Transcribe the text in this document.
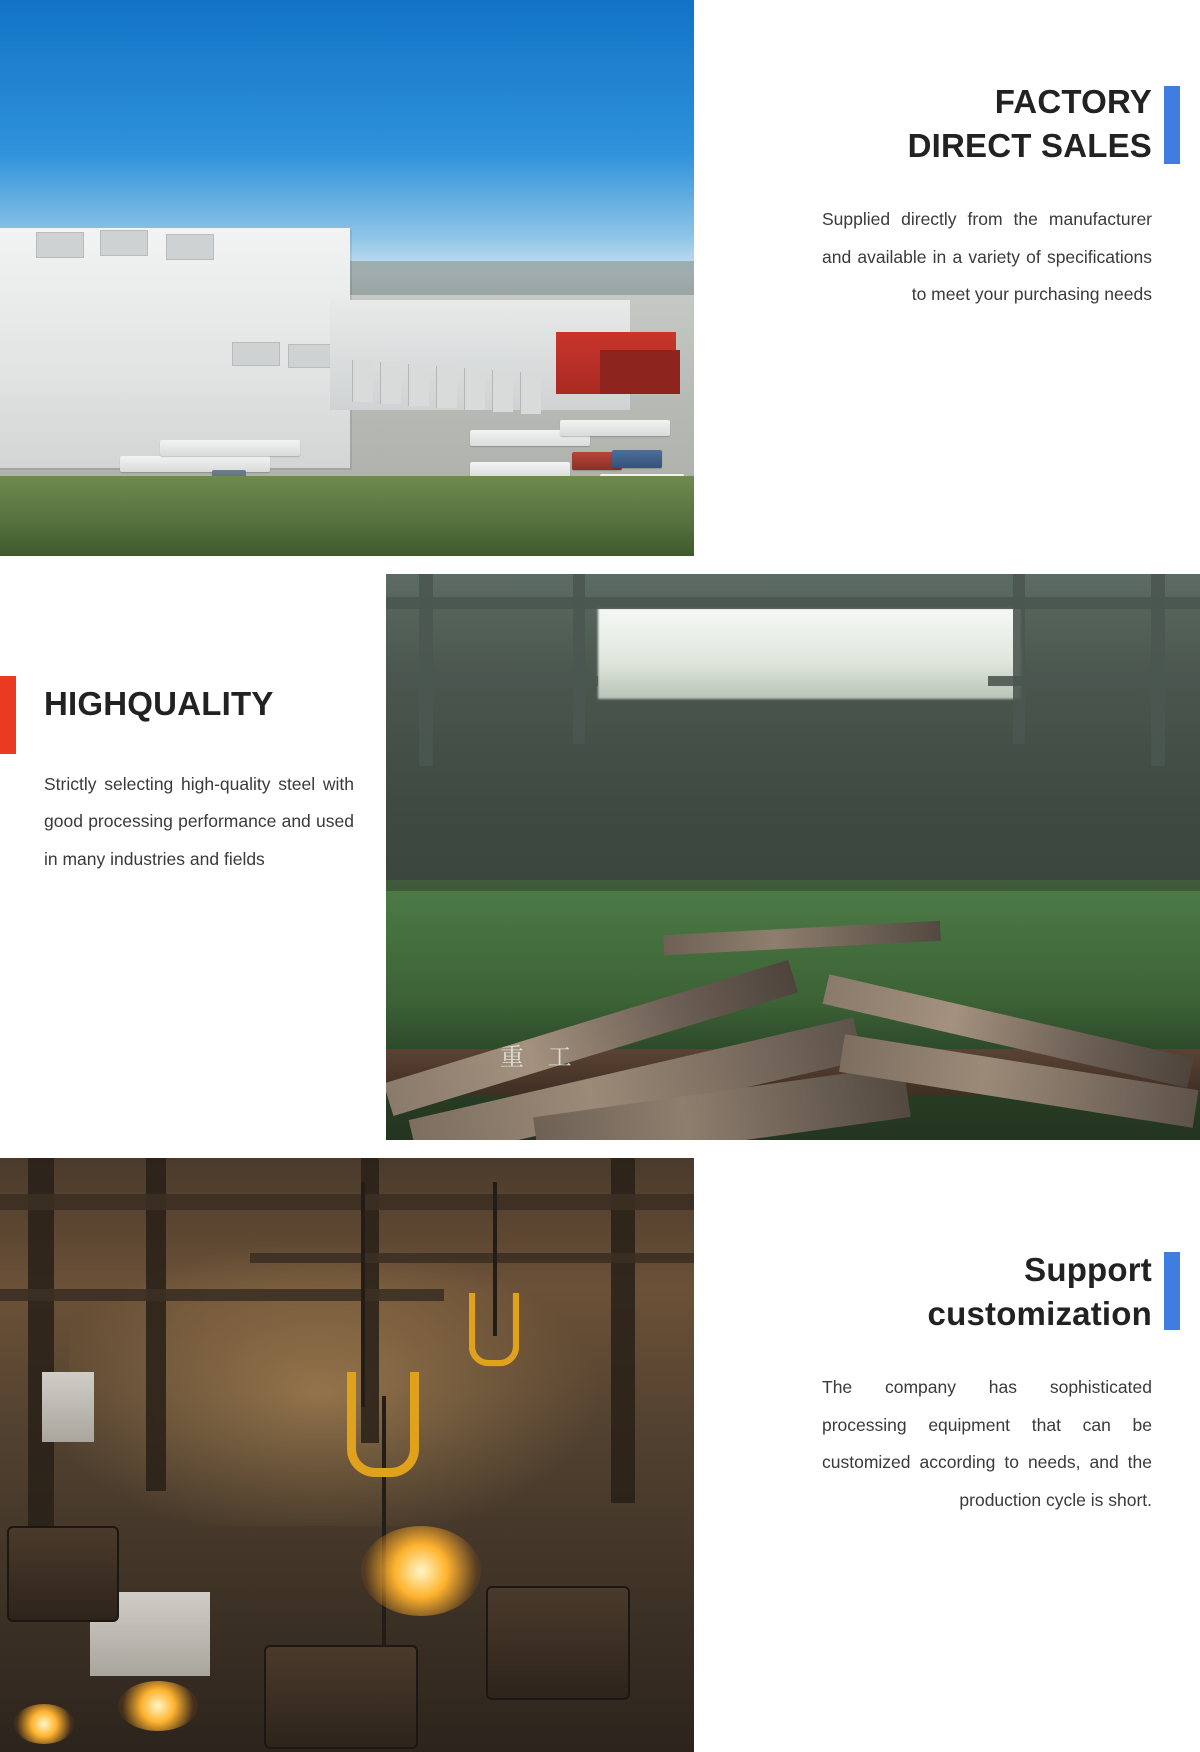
FACTORY
DIRECT SALES
Supplied directly from the manufacturer and available in a variety of specifications to meet your purchasing needs
重 工
HIGHQUALITY
Strictly selecting high-quality steel with good processing performance and used in many industries and fields
Support
customization
The company has sophisticated processing equipment that can be customized according to needs, and the production cycle is short.
